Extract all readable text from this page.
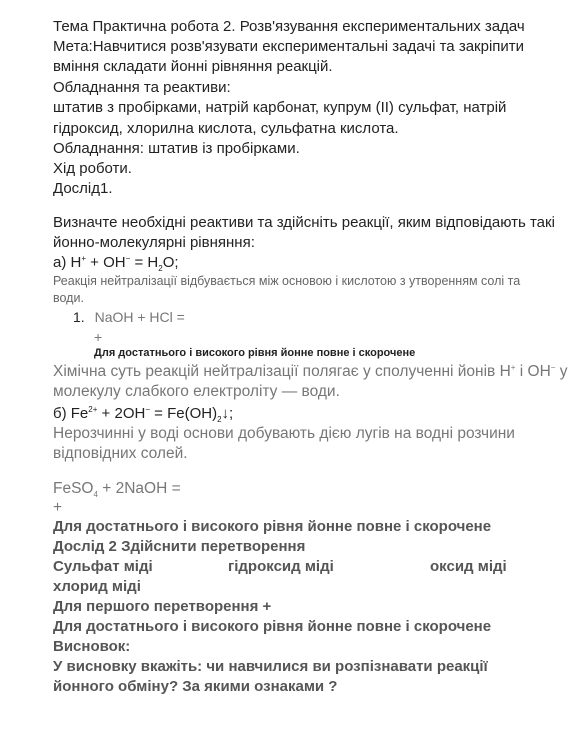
Тема Практична робота 2. Розв'язування експериментальних задач
Мета:Навчитися розв'язувати експериментальні задачі та закріпити
вміння складати йонні рівняння реакцій.
Обладнання та реактиви:
штатив з пробірками, натрій карбонат, купрум (ІІ) сульфат, натрій
гідроксид, хлорилна кислота, сульфатна кислота.
Обладнання: штатив із пробірками.
Хід роботи.
Дослід1.
Визначте необхідні реактиви та здійсніть реакції, яким відповідають такі
йонно-молекулярні рівняння:
а) $H^+ + OH^- = H_2O$;
Реакція нейтралізації відбувається між основою і кислотою з утворенням солі та
води.
1. NaOH + HCl =
+
Для достатнього і високого рівня йонне повне і скорочене
Хімічна суть реакцій нейтралізації полягає у сполученні йонів H+ і OH− у
молекулу слабкого електроліту — води.
б) $Fe^{2+} + 2OH^-$ = $Fe(OH)_2↓$;
Нерозчинні у воді основи добувають дією лугів на водні розчини
відповідних солей.
FeSO$_4$ + 2NaOH =
+
Для достатнього і високого рівня йонне повне і скорочене
Дослід 2 Здійснити перетворення
Сульфат міді	гідроксид міді	оксид міді
хлорид міді
Для першого перетворення +
Для достатнього і високого рівня йонне повне і скорочене
Висновок:
У висновку вкажіть: чи навчилися ви розпізнавати реакції
йонного обміну? За якими ознаками ?
